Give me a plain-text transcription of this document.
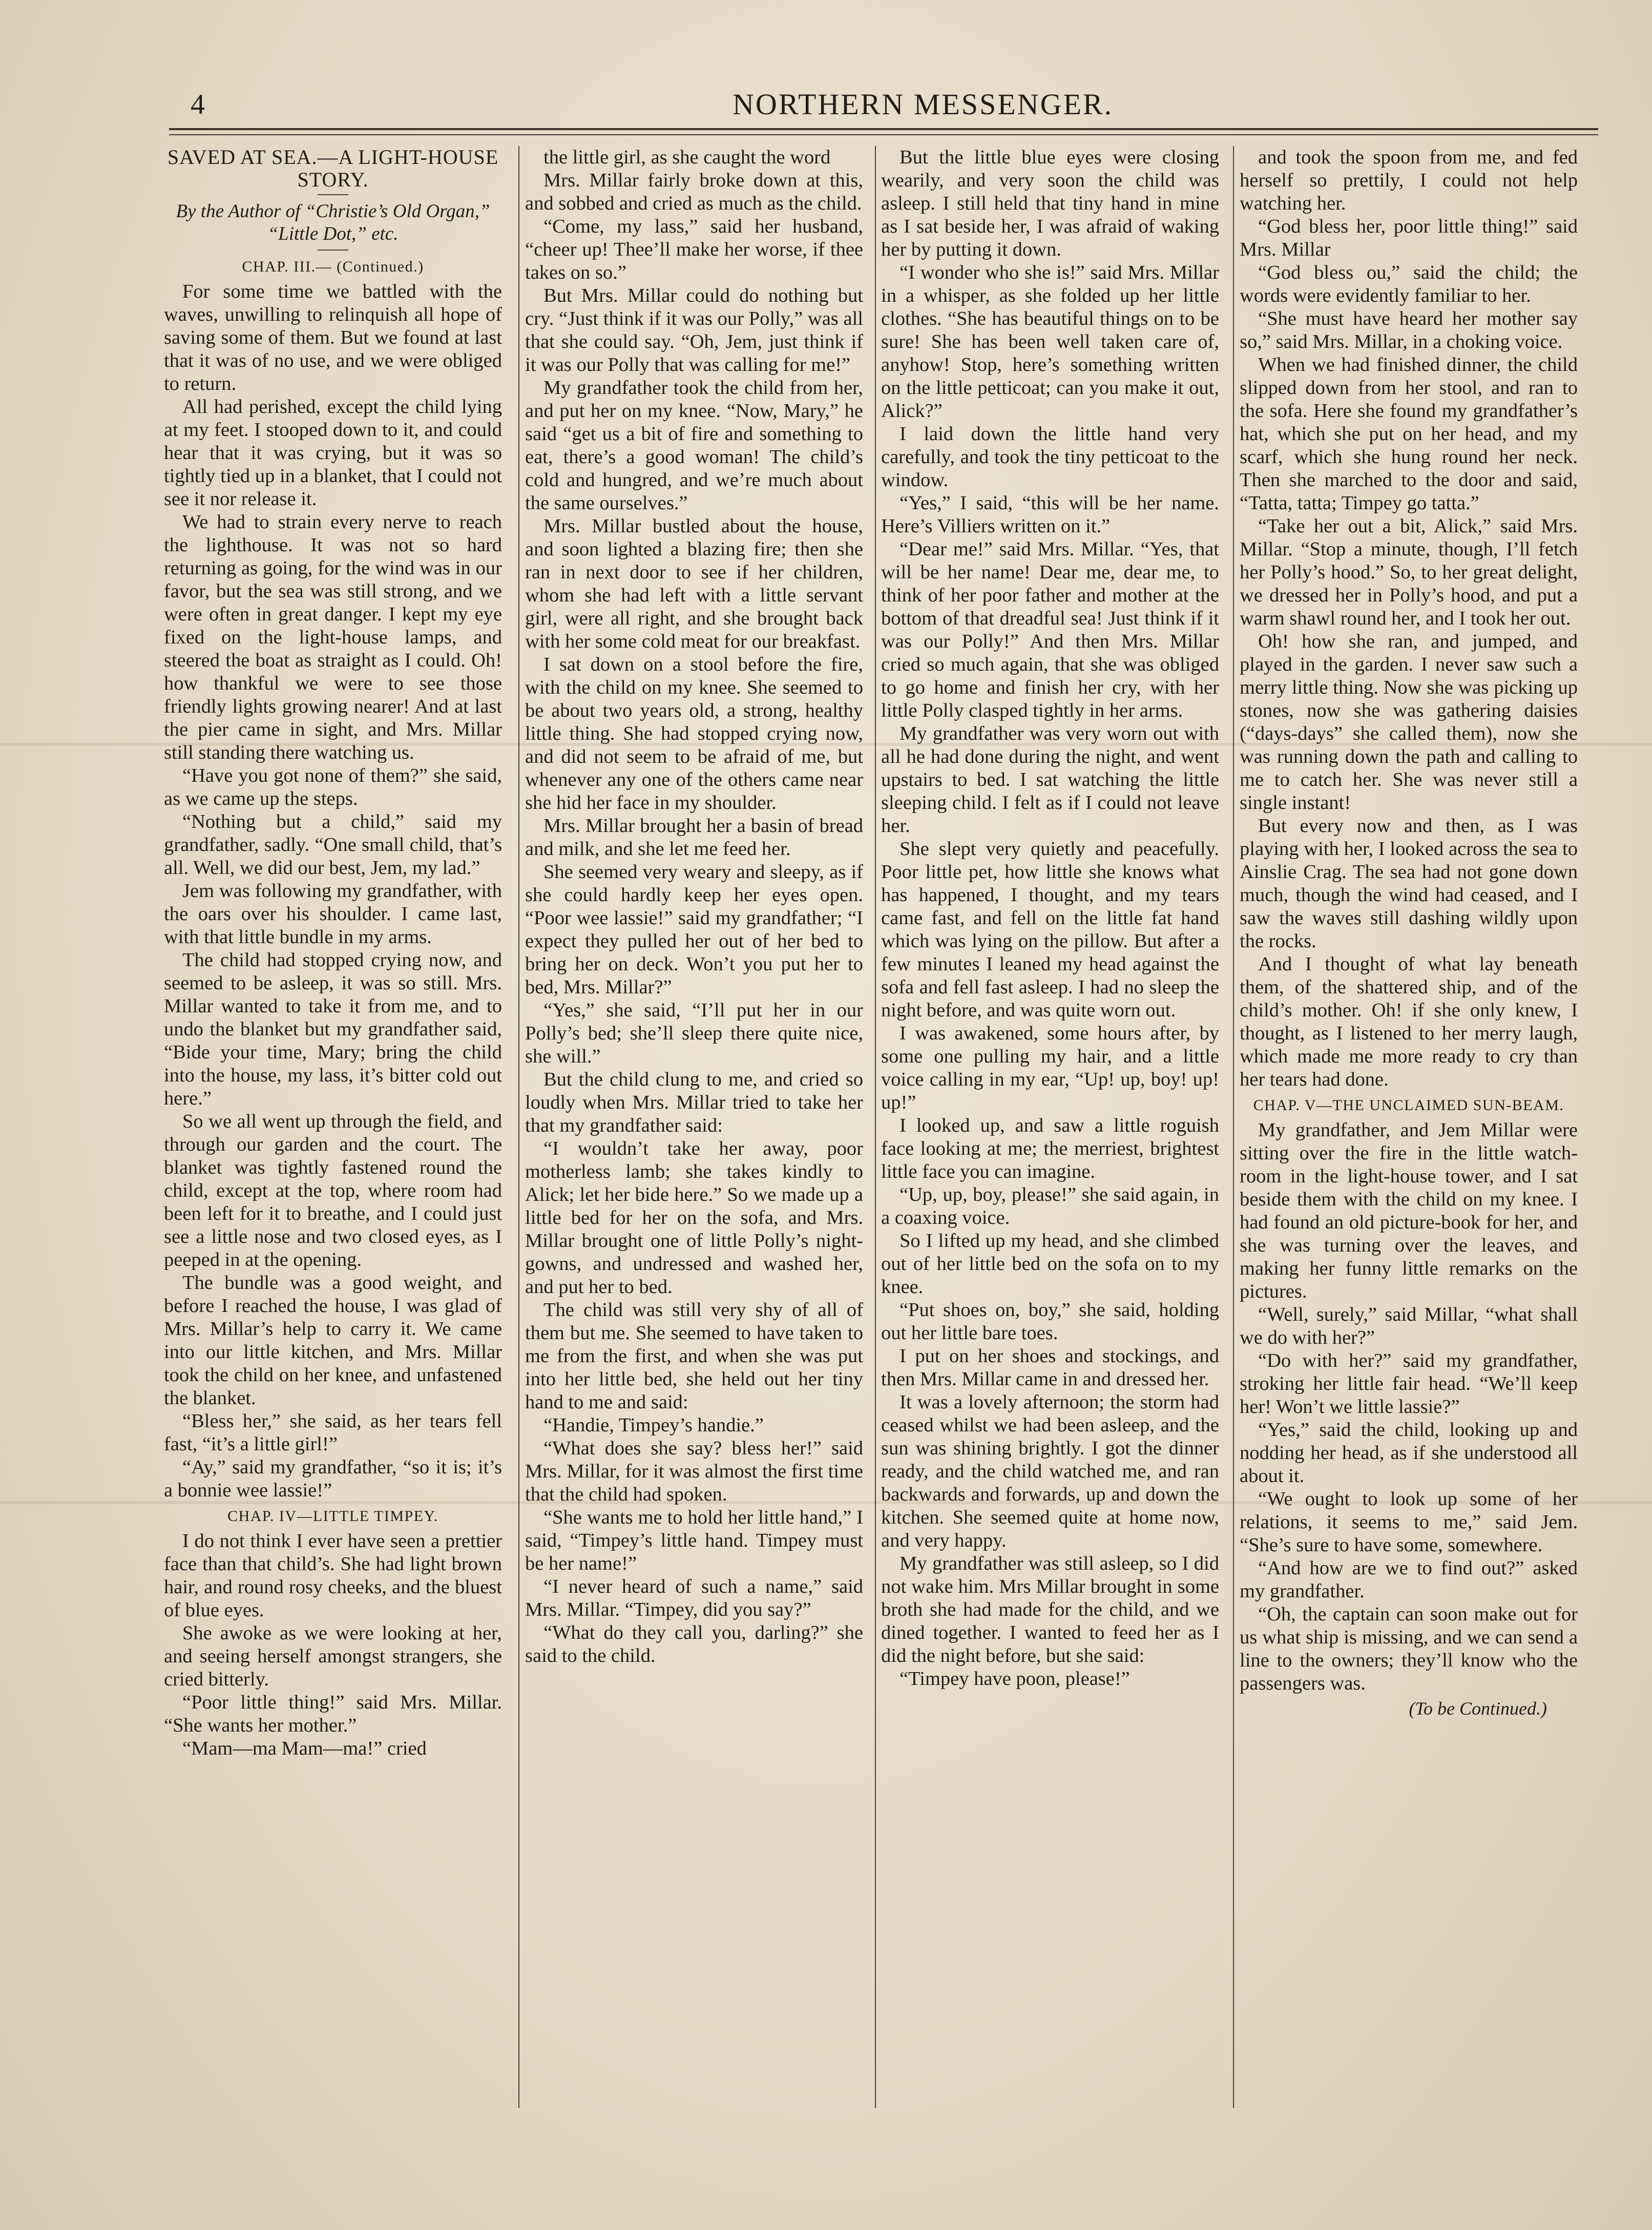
4	NORTHERN MESSENGER.
SAVED AT SEA.—A LIGHT-HOUSE STORY.
By the Author of “Christie’s Old Organ,” “Little Dot,” etc.
CHAP. III.— (Continued.)

For some time we battled with the waves, unwilling to relinquish all hope of saving some of them. But we found at last that it was of no use, and we were obliged to return.

All had perished, except the child lying at my feet. I stooped down to it, and could hear that it was crying, but it was so tightly tied up in a blanket, that I could not see it nor release it.

We had to strain every nerve to reach the lighthouse. It was not so hard returning as going, for the wind was in our favor, but the sea was still strong, and we were often in great danger. I kept my eye fixed on the light-house lamps, and steered the boat as straight as I could. Oh! how thankful we were to see those friendly lights growing nearer! And at last the pier came in sight, and Mrs. Millar still standing there watching us.

“Have you got none of them?” she said, as we came up the steps.

“Nothing but a child,” said my grandfather, sadly. “One small child, that’s all. Well, we did our best, Jem, my lad.”

Jem was following my grandfather, with the oars over his shoulder. I came last, with that little bundle in my arms.

The child had stopped crying now, and seemed to be asleep, it was so still. Mrs. Millar wanted to take it from me, and to undo the blanket but my grandfather said, “Bide your time, Mary; bring the child into the house, my lass, it’s bitter cold out here.”

So we all went up through the field, and through our garden and the court. The blanket was tightly fastened round the child, except at the top, where room had been left for it to breathe, and I could just see a little nose and two closed eyes, as I peeped in at the opening.

The bundle was a good weight, and before I reached the house, I was glad of Mrs. Millar’s help to carry it. We came into our little kitchen, and Mrs. Millar took the child on her knee, and unfastened the blanket.

“Bless her,” she said, as her tears fell fast, “it’s a little girl!”

“Ay,” said my grandfather, “so it is; it’s a bonnie wee lassie!”

CHAP. IV—LITTLE TIMPEY.

I do not think I ever have seen a prettier face than that child’s. She had light brown hair, and round rosy cheeks, and the bluest of blue eyes.

She awoke as we were looking at her, and seeing herself amongst strangers, she cried bitterly.

“Poor little thing!” said Mrs. Millar. “She wants her mother.”

“Mam—ma Mam—ma!” cried

the little girl, as she caught the word

Mrs. Millar fairly broke down at this, and sobbed and cried as much as the child.

“Come, my lass,” said her husband, “cheer up! Thee’ll make her worse, if thee takes on so.”

But Mrs. Millar could do nothing but cry. “Just think if it was our Polly,” was all that she could say. “Oh, Jem, just think if it was our Polly that was calling for me!”

My grandfather took the child from her, and put her on my knee. “Now, Mary,” he said “get us a bit of fire and something to eat, there’s a good woman! The child’s cold and hungred, and we’re much about the same ourselves.”

Mrs. Millar bustled about the house, and soon lighted a blazing fire; then she ran in next door to see if her children, whom she had left with a little servant girl, were all right, and she brought back with her some cold meat for our breakfast.

I sat down on a stool before the fire, with the child on my knee. She seemed to be about two years old, a strong, healthy little thing. She had stopped crying now, and did not seem to be afraid of me, but whenever any one of the others came near she hid her face in my shoulder.

Mrs. Millar brought her a basin of bread and milk, and she let me feed her.

She seemed very weary and sleepy, as if she could hardly keep her eyes open. “Poor wee lassie!” said my grandfather; “I expect they pulled her out of her bed to bring her on deck. Won’t you put her to bed, Mrs. Millar?”

“Yes,” she said, “I’ll put her in our Polly’s bed; she’ll sleep there quite nice, she will.”

But the child clung to me, and cried so loudly when Mrs. Millar tried to take her that my grandfather said:

“I wouldn’t take her away, poor motherless lamb; she takes kindly to Alick; let her bide here.” So we made up a little bed for her on the sofa, and Mrs. Millar brought one of little Polly’s night-gowns, and undressed and washed her, and put her to bed.

The child was still very shy of all of them but me. She seemed to have taken to me from the first, and when she was put into her little bed, she held out her tiny hand to me and said:

“Handie, Timpey’s handie.”

“What does she say? bless her!” said Mrs. Millar, for it was almost the first time that the child had spoken.

“She wants me to hold her little hand,” I said, “Timpey’s little hand. Timpey must be her name!”

“I never heard of such a name,” said Mrs. Millar. “Timpey, did you say?”

“What do they call you, darling?” she said to the child.

But the little blue eyes were closing wearily, and very soon the child was asleep. I still held that tiny hand in mine as I sat beside her, I was afraid of waking her by putting it down.

“I wonder who she is!” said Mrs. Millar in a whisper, as she folded up her little clothes. “She has beautiful things on to be sure! She has been well taken care of, anyhow! Stop, here’s something written on the little petticoat; can you make it out, Alick?”

I laid down the little hand very carefully, and took the tiny petticoat to the window.

“Yes,” I said, “this will be her name. Here’s Villiers written on it.”

“Dear me!” said Mrs. Millar. “Yes, that will be her name! Dear me, dear me, to think of her poor father and mother at the bottom of that dreadful sea! Just think if it was our Polly!” And then Mrs. Millar cried so much again, that she was obliged to go home and finish her cry, with her little Polly clasped tightly in her arms.

My grandfather was very worn out with all he had done during the night, and went upstairs to bed. I sat watching the little sleeping child. I felt as if I could not leave her.

She slept very quietly and peacefully. Poor little pet, how little she knows what has happened, I thought, and my tears came fast, and fell on the little fat hand which was lying on the pillow. But after a few minutes I leaned my head against the sofa and fell fast asleep. I had no sleep the night before, and was quite worn out.

I was awakened, some hours after, by some one pulling my hair, and a little voice calling in my ear, “Up! up, boy! up! up!”

I looked up, and saw a little roguish face looking at me; the merriest, brightest little face you can imagine.

“Up, up, boy, please!” she said again, in a coaxing voice.

So I lifted up my head, and she climbed out of her little bed on the sofa on to my knee.

“Put shoes on, boy,” she said, holding out her little bare toes.

I put on her shoes and stockings, and then Mrs. Millar came in and dressed her.

It was a lovely afternoon; the storm had ceased whilst we had been asleep, and the sun was shining brightly. I got the dinner ready, and the child watched me, and ran backwards and forwards, up and down the kitchen. She seemed quite at home now, and very happy.

My grandfather was still asleep, so I did not wake him. Mrs Millar brought in some broth she had made for the child, and we dined together. I wanted to feed her as I did the night before, but she said:

“Timpey have poon, please!”

and took the spoon from me, and fed herself so prettily, I could not help watching her.

“God bless her, poor little thing!” said Mrs. Millar

“God bless ou,” said the child; the words were evidently familiar to her.

“She must have heard her mother say so,” said Mrs. Millar, in a choking voice.

When we had finished dinner, the child slipped down from her stool, and ran to the sofa. Here she found my grandfather’s hat, which she put on her head, and my scarf, which she hung round her neck. Then she marched to the door and said, “Tatta, tatta; Timpey go tatta.”

“Take her out a bit, Alick,” said Mrs. Millar. “Stop a minute, though, I’ll fetch her Polly’s hood.” So, to her great delight, we dressed her in Polly’s hood, and put a warm shawl round her, and I took her out.

Oh! how she ran, and jumped, and played in the garden. I never saw such a merry little thing. Now she was picking up stones, now she was gathering daisies (“days-days” she called them), now she was running down the path and calling to me to catch her. She was never still a single instant!

But every now and then, as I was playing with her, I looked across the sea to Ainslie Crag. The sea had not gone down much, though the wind had ceased, and I saw the waves still dashing wildly upon the rocks.

And I thought of what lay beneath them, of the shattered ship, and of the child’s mother. Oh! if she only knew, I thought, as I listened to her merry laugh, which made me more ready to cry than her tears had done.

CHAP. V—THE UNCLAIMED SUN-BEAM.

My grandfather, and Jem Millar were sitting over the fire in the little watch-room in the light-house tower, and I sat beside them with the child on my knee. I had found an old picture-book for her, and she was turning over the leaves, and making her funny little remarks on the pictures.

“Well, surely,” said Millar, “what shall we do with her?”

“Do with her?” said my grandfather, stroking her little fair head. “We’ll keep her! Won’t we little lassie?”

“Yes,” said the child, looking up and nodding her head, as if she understood all about it.

“We ought to look up some of her relations, it seems to me,” said Jem. “She’s sure to have some, somewhere.

“And how are we to find out?” asked my grandfather.

“Oh, the captain can soon make out for us what ship is missing, and we can send a line to the owners; they’ll know who the passengers was.

(To be Continued.)
